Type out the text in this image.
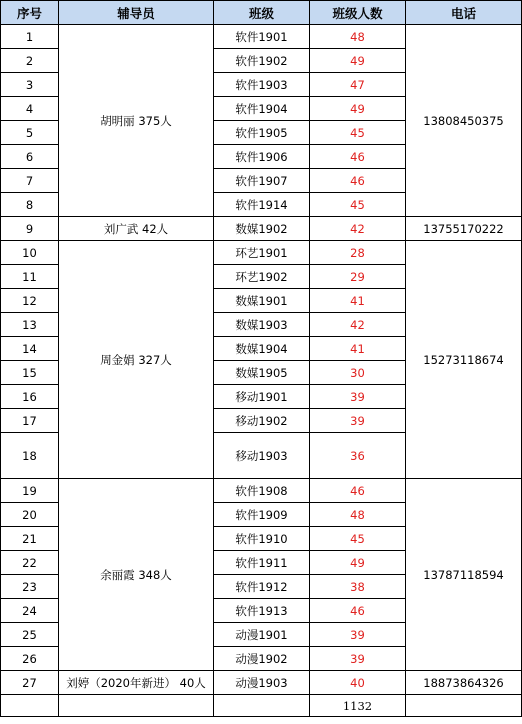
序号	辅导员	班级	班级人数	电话
1	胡明丽 375人	软件1901	48	13808450375
2		软件1902	49	
3		软件1903	47	
4		软件1904	49	
5		软件1905	45	
6		软件1906	46	
7		软件1907	46	
8		软件1914	45	
9	刘广武 42人	数媒1902	42	13755170222
10	周金娟 327人	环艺1901	28	15273118674
11		环艺1902	29	
12		数媒1901	41	
13		数媒1903	42	
14		数媒1904	41	
15		数媒1905	30	
16		移动1901	39	
17		移动1902	39	
18		移动1903	36	
19	余丽霞 348人	软件1908	46	13787118594
20		软件1909	48	
21		软件1910	45	
22		软件1911	49	
23		软件1912	38	
24		软件1913	46	
25		动漫1901	39	
26		动漫1902	39	
27	刘婷（2020年新进） 40人	动漫1903	40	18873864326
			1132	
